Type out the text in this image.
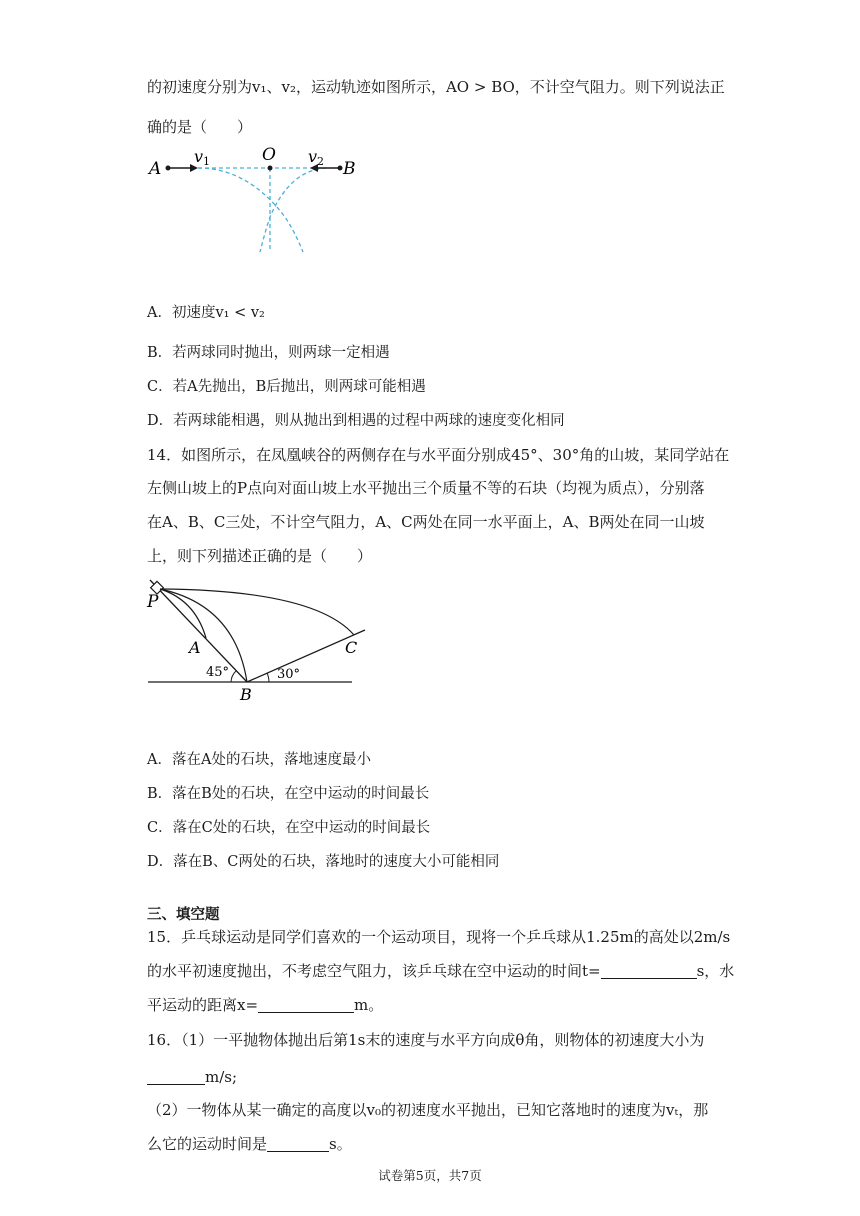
的初速度分别为v₁、v₂，运动轨迹如图所示，AO > BO，不计空气阻力。则下列说法正
确的是（　　）
A
v1	O v2 B
A．初速度v₁ < v₂
B．若两球同时抛出，则两球一定相遇
C．若A先抛出，B后抛出，则两球可能相遇
D．若两球能相遇，则从抛出到相遇的过程中两球的速度变化相同
14．如图所示，在凤凰峡谷的两侧存在与水平面分别成45°、30°角的山坡，某同学站在
左侧山坡上的P点向对面山坡上水平抛出三个质量不等的石块（均视为质点），分别落
在A、B、C三处，不计空气阻力，A、C两处在同一水平面上，A、B两处在同一山坡
上，则下列描述正确的是（　　）
P
A
B
C
45°	30°
A．落在A处的石块，落地速度最小
B．落在B处的石块，在空中运动的时间最长
C．落在C处的石块，在空中运动的时间最长
D．落在B、C两处的石块，落地时的速度大小可能相同
三、填空题
15．乒乓球运动是同学们喜欢的一个运动项目，现将一个乒乓球从1.25m的高处以2m/s
的水平初速度抛出，不考虑空气阻力，该乒乓球在空中运动的时间t=	s，水
平运动的距离x=	m。
16．（1）一平抛物体抛出后第1s末的速度与水平方向成θ角，则物体的初速度大小为
m/s;
（2）一物体从某一确定的高度以v₀的初速度水平抛出，已知它落地时的速度为vₜ，那
么它的运动时间是	s。
试卷第5页，共7页
